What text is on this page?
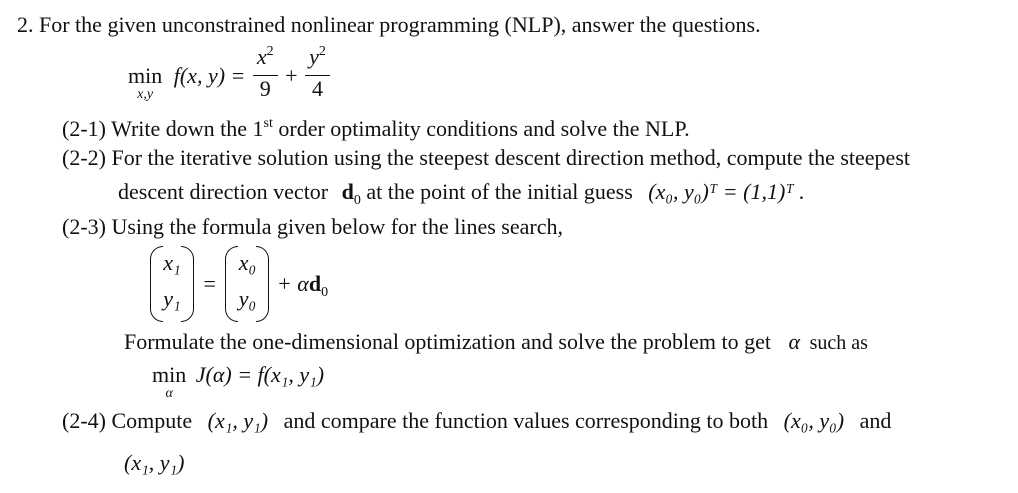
2. For the given unconstrained nonlinear programming (NLP), answer the questions.
min
x,y
f(x, $y) = \frac{x^2}{9} + \frac{y^2}{4}$
(2-1) Write down the 1st order optimality conditions and solve the NLP.
(2-2) For the iterative solution using the steepest descent direction method, compute the steepest
descent direction vector $d_0$ at the point of the initial guess (x₀, y₀)ᵀ = (1,1)ᵀ .
(2-3) Using the formula given below for the lines search,
x₁
y₁
=
x₀
y₀
+ $\alpha d_0$
Formulate the one-dimensional optimization and solve the problem to get α such as
min
α
J(α) = f(x₁, y₁)
(2-4) Compute (x₁, y₁) and compare the function values corresponding to both (x₀, y₀) and
(x₁, y₁)
